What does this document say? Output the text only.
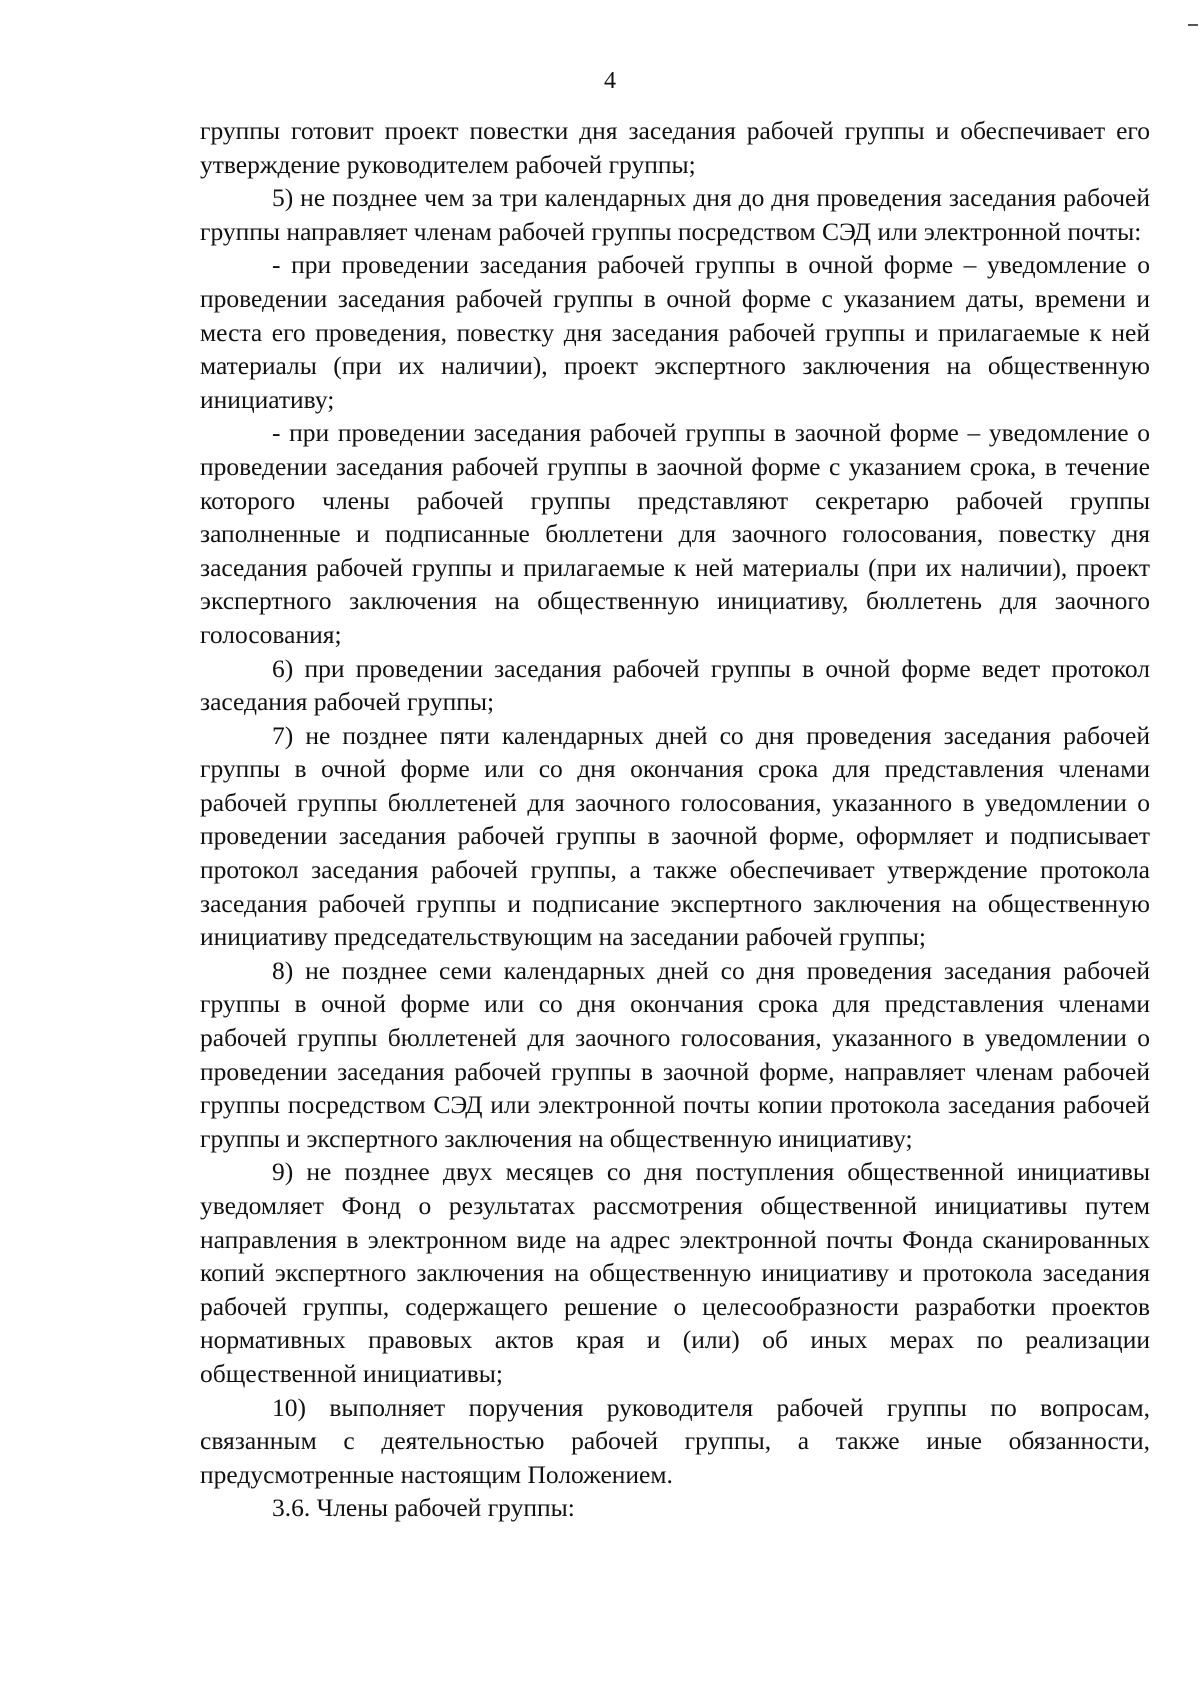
4

группы готовит проект повестки дня заседания рабочей группы и обеспечивает его утверждение руководителем рабочей группы;

5) не позднее чем за три календарных дня до дня проведения заседания рабочей группы направляет членам рабочей группы посредством СЭД или электронной почты:

- при проведении заседания рабочей группы в очной форме – уведомление о проведении заседания рабочей группы в очной форме с указанием даты, времени и места его проведения, повестку дня заседания рабочей группы и прилагаемые к ней материалы (при их наличии), проект экспертного заключения на общественную инициативу;

- при проведении заседания рабочей группы в заочной форме – уведомление о проведении заседания рабочей группы в заочной форме с указанием срока, в течение которого члены рабочей группы представляют секретарю рабочей группы заполненные и подписанные бюллетени для заочного голосования, повестку дня заседания рабочей группы и прилагаемые к ней материалы (при их наличии), проект экспертного заключения на общественную инициативу, бюллетень для заочного голосования;

6) при проведении заседания рабочей группы в очной форме ведет протокол заседания рабочей группы;

7) не позднее пяти календарных дней со дня проведения заседания рабочей группы в очной форме или со дня окончания срока для представления членами рабочей группы бюллетеней для заочного голосования, указанного в уведомлении о проведении заседания рабочей группы в заочной форме, оформляет и подписывает протокол заседания рабочей группы, а также обеспечивает утверждение протокола заседания рабочей группы и подписание экспертного заключения на общественную инициативу председательствующим на заседании рабочей группы;

8) не позднее семи календарных дней со дня проведения заседания рабочей группы в очной форме или со дня окончания срока для представления членами рабочей группы бюллетеней для заочного голосования, указанного в уведомлении о проведении заседания рабочей группы в заочной форме, направляет членам рабочей группы посредством СЭД или электронной почты копии протокола заседания рабочей группы и экспертного заключения на общественную инициативу;

9) не позднее двух месяцев со дня поступления общественной инициативы уведомляет Фонд о результатах рассмотрения общественной инициативы путем направления в электронном виде на адрес электронной почты Фонда сканированных копий экспертного заключения на общественную инициативу и протокола заседания рабочей группы, содержащего решение о целесообразности разработки проектов нормативных правовых актов края и (или) об иных мерах по реализации общественной инициативы;

10) выполняет поручения руководителя рабочей группы по вопросам, связанным с деятельностью рабочей группы, а также иные обязанности, предусмотренные настоящим Положением.

3.6. Члены рабочей группы:
